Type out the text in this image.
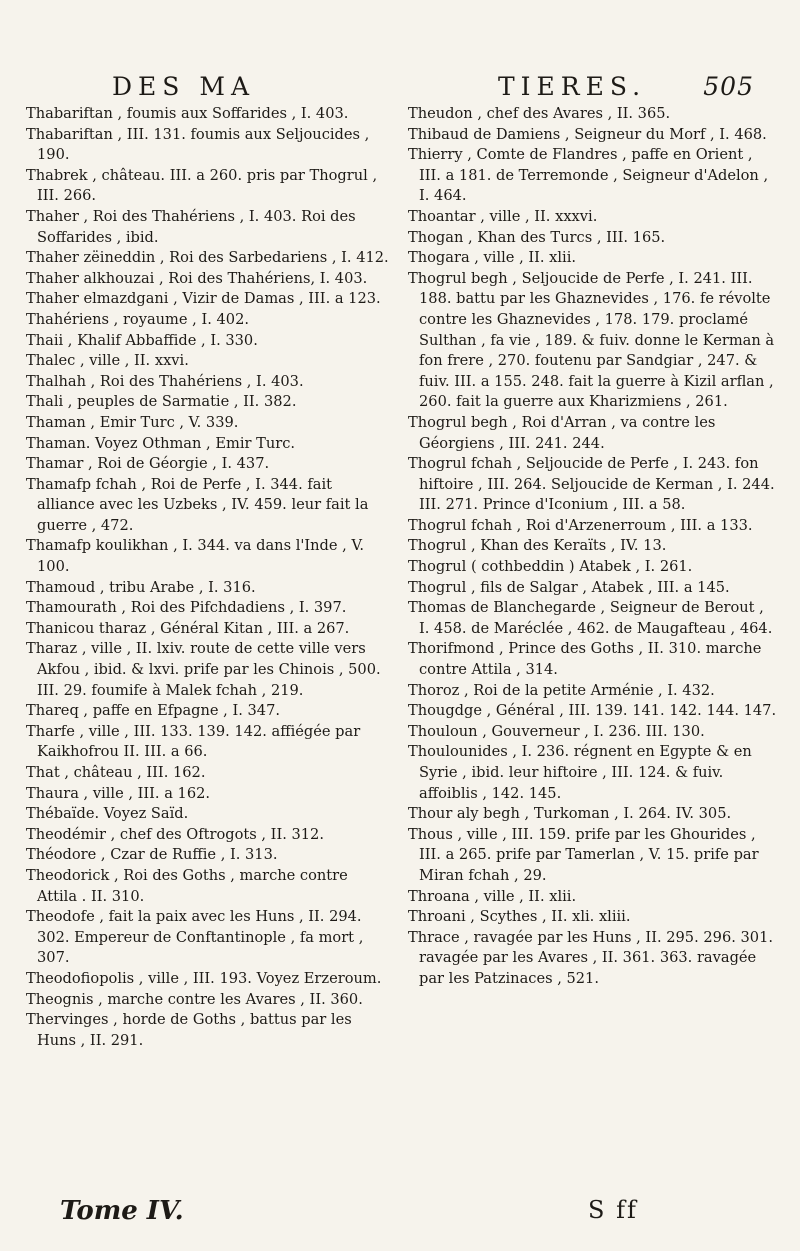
DES MA	TIERES. 505

Thabariftan , foumis aux Soffarides , I. 403.

Thabariftan , III. 131. foumis aux Seljoucides , 190.

Thabrek , château. III. a 260. pris par Thogrul , III. 266.

Thaher , Roi des Thahériens , I. 403. Roi des Soffarides , ibid.

Thaher zëineddin , Roi des Sarbedariens , I. 412.

Thaher alkhouzai , Roi des Thahériens, I. 403.

Thaher elmazdgani , Vizir de Damas , III. a 123.

Thahériens , royaume , I. 402.

Thaii , Khalif Abbaffide , I. 330.

Thalec , ville , II. xxvi.

Thalhah , Roi des Thahériens , I. 403.

Thali , peuples de Sarmatie , II. 382.

Thaman , Emir Turc , V. 339.

Thaman. Voyez Othman , Emir Turc.

Thamar , Roi de Géorgie , I. 437.

Thamafp fchah , Roi de Perfe , I. 344. fait alliance avec les Uzbeks , IV. 459. leur fait la guerre , 472.

Thamafp koulikhan , I. 344. va dans l'Inde , V. 100.

Thamoud , tribu Arabe , I. 316.

Thamourath , Roi des Pifchdadiens , I. 397.

Thanicou tharaz , Général Kitan , III. a 267.

Tharaz , ville , II. lxiv. route de cette ville vers Akfou , ibid. & lxvi. prife par les Chinois , 500. III. 29. foumife à Malek fchah , 219.

Thareq , paffe en Efpagne , I. 347.

Tharfe , ville , III. 133. 139. 142. affiégée par Kaikhofrou II. III. a 66.

That , château , III. 162.

Thaura , ville , III. a 162.

Thébaïde. Voyez Saïd.

Theodémir , chef des Oftrogots , II. 312.

Théodore , Czar de Ruffie , I. 313.

Theodorick , Roi des Goths , marche contre Attila . II. 310.

Theodofe , fait la paix avec les Huns , II. 294. 302. Empereur de Conftantinople , fa mort , 307.

Theodofiopolis , ville , III. 193. Voyez Erzeroum.

Theognis , marche contre les Avares , II. 360.

Thervinges , horde de Goths , battus par les Huns , II. 291.

Theudon , chef des Avares , II. 365.

Thibaud de Damiens , Seigneur du Morf , I. 468.

Thierry , Comte de Flandres , paffe en Orient , III. a 181. de Terremonde , Seigneur d'Adelon , I. 464.

Thoantar , ville , II. xxxvi.

Thogan , Khan des Turcs , III. 165.

Thogara , ville , II. xlii.

Thogrul begh , Seljoucide de Perfe , I. 241. III. 188. battu par les Ghaznevides , 176. fe révolte contre les Ghaznevides , 178. 179. proclamé Sulthan , fa vie , 189. & fuiv. donne le Kerman à fon frere , 270. foutenu par Sandgiar , 247. & fuiv. III. a 155. 248. fait la guerre à Kizil arflan , 260. fait la guerre aux Kharizmiens , 261.

Thogrul begh , Roi d'Arran , va contre les Géorgiens , III. 241. 244.

Thogrul fchah , Seljoucide de Perfe , I. 243. fon hiftoire , III. 264. Seljoucide de Kerman , I. 244. III. 271. Prince d'Iconium , III. a 58.

Thogrul fchah , Roi d'Arzenerroum , III. a 133.

Thogrul , Khan des Keraïts , IV. 13.

Thogrul ( cothbeddin ) Atabek , I. 261.

Thogrul , fils de Salgar , Atabek , III. a 145.

Thomas de Blanchegarde , Seigneur de Berout , I. 458. de Maréclée , 462. de Maugafteau , 464.

Thorifmond , Prince des Goths , II. 310. marche contre Attila , 314.

Thoroz , Roi de la petite Arménie , I. 432.

Thougdge , Général , III. 139. 141. 142. 144. 147.

Thouloun , Gouverneur , I. 236. III. 130.

Thoulounides , I. 236. régnent en Egypte & en Syrie , ibid. leur hiftoire , III. 124. & fuiv. affoiblis , 142. 145.

Thour aly begh , Turkoman , I. 264. IV. 305.

Thous , ville , III. 159. prife par les Ghourides , III. a 265. prife par Tamerlan , V. 15. prife par Miran fchah , 29.

Throana , ville , II. xlii.

Throani , Scythes , II. xli. xliii.

Thrace , ravagée par les Huns , II. 295. 296. 301. ravagée par les Avares , II. 361. 363. ravagée par les Patzinaces , 521.

Tome IV.	S ff
